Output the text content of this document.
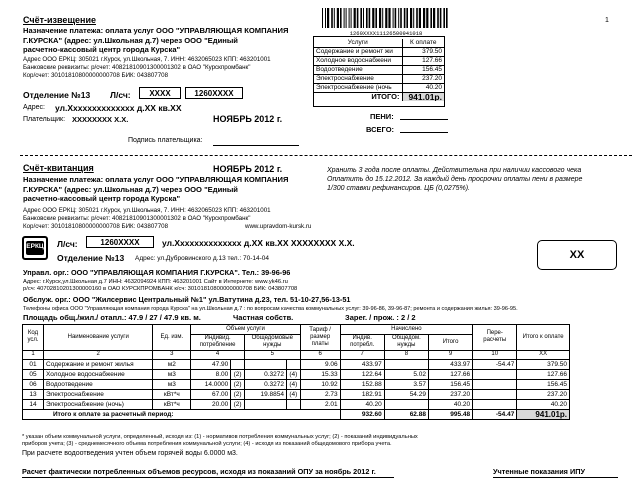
1
1260XXXX11126500941018
Счёт-извещение
Назначение платежа: оплата услуг ООО "УПРАВЛЯЮЩАЯ КОМПАНИЯ
Г.КУРСКА" (адрес: ул.Школьная д.7) через ООО "Единый
расчетно-кассовый центр города Курска"
Адрес ООО ЕРКЦ: 305021 г.Курск, ул.Школьная, 7. ИНН: 4632065023 КПП: 463201001
Банковские реквизиты: р/счет: 40821810901300001302 в ОАО "Курскпромбанк"
Кор/счет: 30101810800000000708 БИК: 043807708
Отделение №13 Л/сч:	XXXX	1260XXXX
Адрес: ул.Xxxxxxxxxxxxxx д.XX кв.XX
Плательщик: XXXXXXXX X.X.	НОЯБРЬ 2012 г.
Подпись плательщика:
Услуги	К оплате
Содержание и ремонт жи	379.50
Холодное водоснабжени	127.66
Водоотведение	156.45
Электроснабжение	237.20
Электроснабжение (ночь	40.20
ИТОГО:	941.01р.
ПЕНИ:
ВСЕГО:
Счёт-квитанция	НОЯБРЬ 2012 г.
Назначение платежа: оплата услуг ООО "УПРАВЛЯЮЩАЯ КОМПАНИЯ
Г.КУРСКА" (адрес: ул.Школьная д.7) через ООО "Единый
расчетно-кассовый центр города Курска"
Хранить 3 года после оплаты. Действительна при наличии кассового чека
Оплатить до 15.12.2012. За каждый день просрочки оплаты пени в размере
1/300 ставки рефинансиров. ЦБ (0,0275%).
Адрес ООО ЕРКЦ: 305021 г.Курск, ул.Школьная, 7. ИНН: 4632065023 КПП: 463201001
Банковские реквизиты: р/счет: 40821810901300001302 в ОАО "Курскпромбанк"
Кор/счет: 30101810800000000708 БИК: 043807708	www.upravdom-kursk.ru
ЕРКЦ Л/сч:	1260XXXX	ул.Xxxxxxxxxxxxxx д.XX кв.XX XXXXXXXX X.X.
XX
Отделение №13 Адрес: ул.Дубровинского д.13 тел.: 70-14-04
Управл. орг.: ООО "УПРАВЛЯЮЩАЯ КОМПАНИЯ Г.КУРСКА". Тел.: 39-96-96
Адрес: г.Курск,ул.Школьная д.7 ИНН: 4632094924 КПП: 463201001 Сайт в Интернете: www.yk46.ru
р/сч: 40702810201300000160 в ОАО КУРСКПРОМБАНК к/сч: 30101810800000000708 БИК: 043807708
Обслуж. орг.: ООО "Жилсервис Центральный №1" ул.Ватутина д.23, тел. 51-10-27,56-13-51
Телефоны офиса ООО "Управляющая компания города Курска" на ул.Школьная д.7 : по вопросам качества коммунальных услуг: 39-96-86, 39-96-87; ремонта и содержания жилья: 39-96-95.
Площадь общ./жил./ отапл.: 47.9 / 27 / 47.9 кв. м.	Частная собств.	Зарег. / прож. : 2 / 2
Код усл.	Наименование услуги	Ед. изм.	Объем услуги				Тариф / размер платы	Начислено			Пере-расчеты	Итого к оплате
			Индивид. потребление		Общедомовые нужды			Индив. потребл.	Общедом. нужды	Итого		
1	2	3	4		5		6	7	8	9	10	XX
01	Содержание и ремонт жилья	м2	47.90				9.06	433.97		433.97	-54.47	379.50
05	Холодное водоснабжение	м3	8.00	(2)	0.3272	(4)	15.33	122.64	5.02	127.66		127.66
06	Водоотведение	м3	14.0000	(2)	0.3272	(4)	10.92	152.88	3.57	156.45		156.45
13	Электроснабжение	кВт*ч	67.00	(2)	19.8854	(4)	2.73	182.91	54.29	237.20		237.20
14	Электроснабжение (ночь)	кВт*ч	20.00	(2)			2.01	40.20		40.20		40.20
Итого к оплате за расчетный период:								932.60	62.88	995.48	-54.47	941.01р.
* указан объем коммунальной услуги, определенный, исходя из: (1) - нормативов потребления коммунальных услуг; (2) - показаний индивидуальных
приборов учета; (3) - среднемесячного объема потребления коммунальной услуги; (4) - исходя из показаний общедомового прибора учета.
При расчете водоотведения учтен объем горячей воды 6.0000 м3.
Расчет фактически потребленных объемов ресурсов, исходя из показаний ОПУ за ноябрь 2012 г.	Учтенные показания ИПУ
